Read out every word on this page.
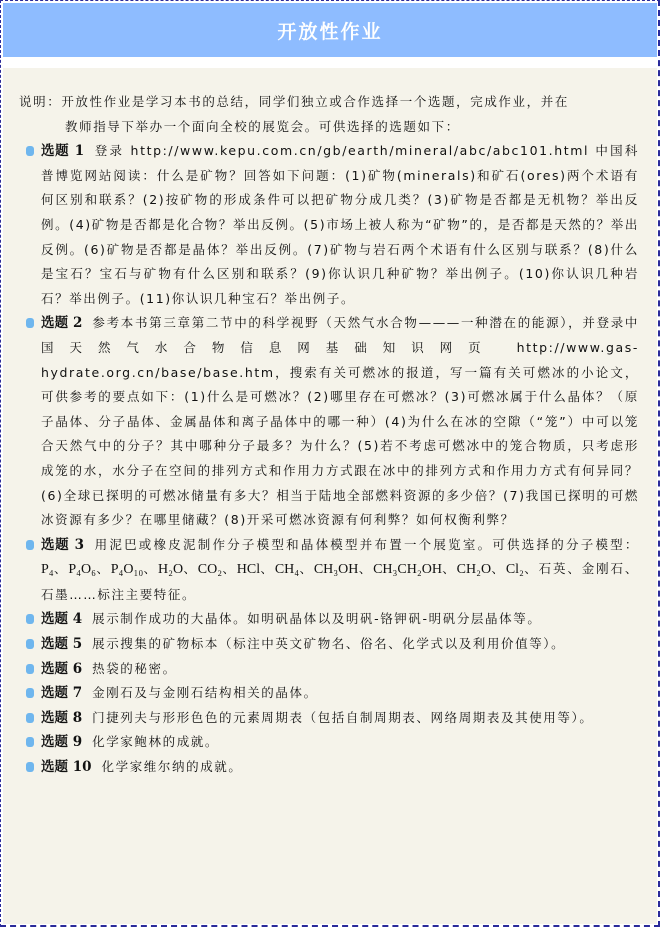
开放性作业
说明：开放性作业是学习本书的总结，同学们独立或合作选择一个选题，完成作业，并在
教师指导下举办一个面向全校的展览会。可供选择的选题如下：
选题 1 登录 http://www.kepu.com.cn/gb/earth/mineral/abc/abc101.html 中国科普博览网站阅读：什么是矿物？回答如下问题：(1)矿物(minerals)和矿石(ores)两个术语有何区别和联系？(2)按矿物的形成条件可以把矿物分成几类？(3)矿物是否都是无机物？举出反例。(4)矿物是否都是化合物？举出反例。(5)市场上被人称为“矿物”的，是否都是天然的？举出反例。(6)矿物是否都是晶体？举出反例。(7)矿物与岩石两个术语有什么区别与联系？(8)什么是宝石？宝石与矿物有什么区别和联系？(9)你认识几种矿物？举出例子。(10)你认识几种岩石？举出例子。(11)你认识几种宝石？举出例子。
选题 2 参考本书第三章第二节中的科学视野（天然气水合物———一种潜在的能源），并登录中国天然气水合物信息网基础知识网页 http://www.gas-hydrate.org.cn/base/base.htm，搜索有关可燃冰的报道，写一篇有关可燃冰的小论文，可供参考的要点如下：(1)什么是可燃冰？(2)哪里存在可燃冰？(3)可燃冰属于什么晶体？（原子晶体、分子晶体、金属晶体和离子晶体中的哪一种）(4)为什么在冰的空隙（“笼”）中可以笼合天然气中的分子？其中哪种分子最多？为什么？(5)若不考虑可燃冰中的笼合物质，只考虑形成笼的水，水分子在空间的排列方式和作用力方式跟在冰中的排列方式和作用力方式有何异同？(6)全球已探明的可燃冰储量有多大？相当于陆地全部燃料资源的多少倍？(7)我国已探明的可燃冰资源有多少？在哪里储藏？(8)开采可燃冰资源有何利弊？如何权衡利弊？
选题 3 用泥巴或橡皮泥制作分子模型和晶体模型并布置一个展览室。可供选择的分子模型：P₄、P₄O₆、P₄O₁₀、H₂O、CO₂、HCl、CH₄、CH₃OH、CH₃CH₂OH、CH₂O、Cl₂、石英、金刚石、石墨……标注主要特征。
选题 4 展示制作成功的大晶体。如明矾晶体以及明矾-铬钾矾-明矾分层晶体等。
选题 5 展示搜集的矿物标本（标注中英文矿物名、俗名、化学式以及利用价值等）。
选题 6 热袋的秘密。
选题 7 金刚石及与金刚石结构相关的晶体。
选题 8 门捷列夫与形形色色的元素周期表（包括自制周期表、网络周期表及其使用等）。
选题 9 化学家鲍林的成就。
选题 10 化学家维尔纳的成就。
